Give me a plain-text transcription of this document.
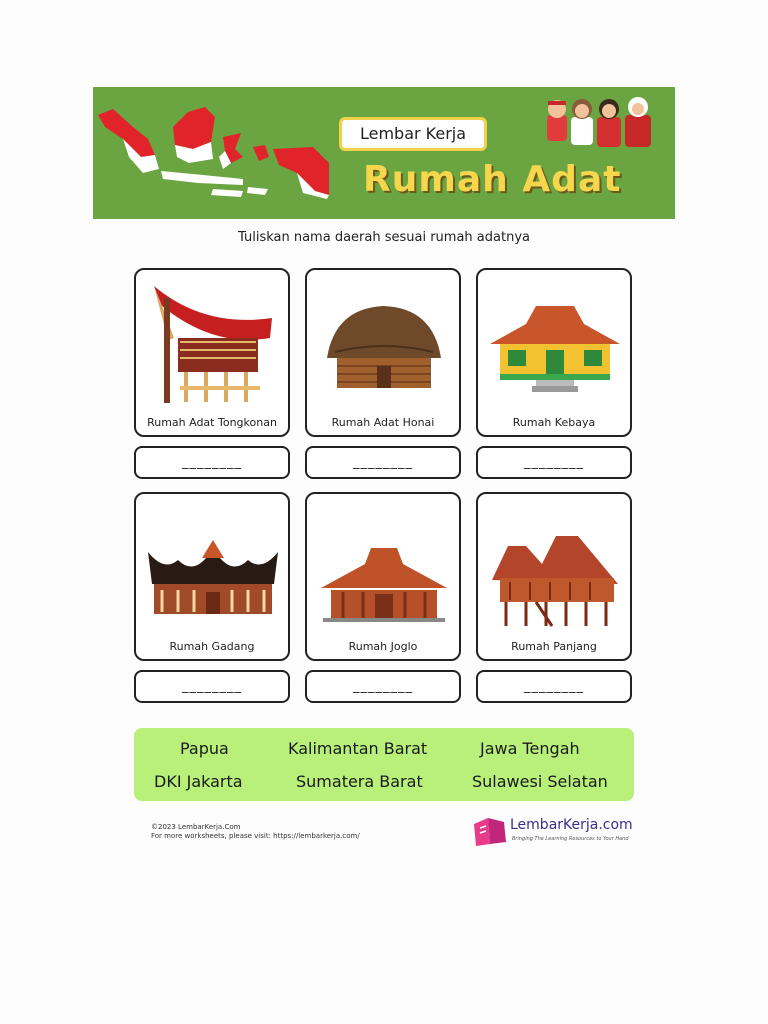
Lembar Kerja
Rumah Adat
Tuliskan nama daerah sesuai rumah adatnya
Rumah Adat Tongkonan	Rumah Adat Honai	Rumah Kebaya
________	________	________
Rumah Gadang	Rumah Joglo	Rumah Panjang
________	________	________
Papua	Kalimantan Barat	Jawa Tengah
DKI Jakarta	Sumatera Barat	Sulawesi Selatan
©2023 LembarKerja.Com
For more worksheets, please visit: https://lembarkerja.com/
LembarKerja.com
Bringing The Learning Resources to Your Hand
